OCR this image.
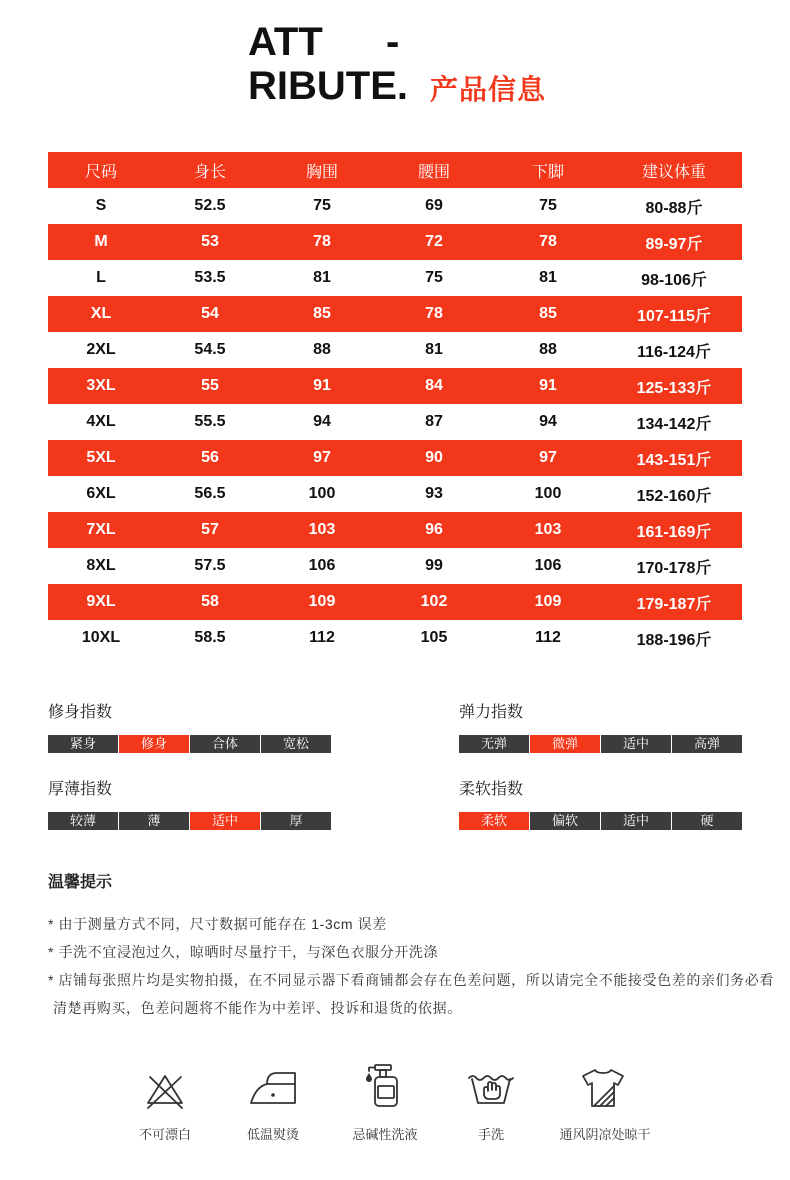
ATT -
RIBUTE. 产品信息
尺码	身长	胸围	腰围	下脚	建议体重
S	52.5	75	69	75	80-88斤
M	53	78	72	78	89-97斤
L	53.5	81	75	81	98-106斤
XL	54	85	78	85	107-115斤
2XL	54.5	88	81	88	116-124斤
3XL	55	91	84	91	125-133斤
4XL	55.5	94	87	94	134-142斤
5XL	56	97	90	97	143-151斤
6XL	56.5	100	93	100	152-160斤
7XL	57	103	96	103	161-169斤
8XL	57.5	106	99	106	170-178斤
9XL	58	109	102	109	179-187斤
10XL	58.5	112	105	112	188-196斤
修身指数
紧身	修身	合体	宽松
弹力指数
无弹	微弹	适中	高弹
厚薄指数
较薄	薄	适中	厚
柔软指数
柔软	偏软	适中	硬
温馨提示
* 由于测量方式不同，尺寸数据可能存在 1-3cm 误差
* 手洗不宜浸泡过久，晾晒时尽量拧干，与深色衣服分开洗涤
* 店铺每张照片均是实物拍摄，在不同显示器下看商铺都会存在色差问题，所以请完全不能接受色差的亲们务必看
清楚再购买，色差问题将不能作为中差评、投诉和退货的依据。
不可漂白	低温熨烫	忌碱性洗液	手洗	通风阴凉处晾干
